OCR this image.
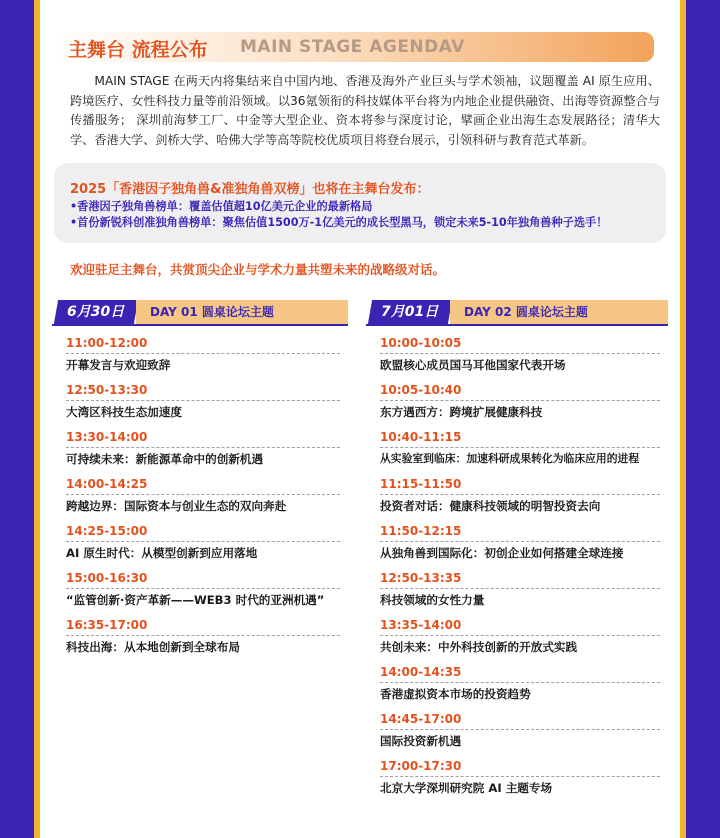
主舞台 流程公布 MAIN STAGE AGENDAV

MAIN STAGE 在两天内将集结来自中国内地、香港及海外产业巨头与学术领袖，议题覆盖 AI 原生应用、跨境医疗、女性科技力量等前沿领域。以36氪领衔的科技媒体平台将为内地企业提供融资、出海等资源整合与传播服务； 深圳前海梦工厂、中金等大型企业、资本将参与深度讨论，擘画企业出海生态发展路径；清华大学、香港大学、剑桥大学、哈佛大学等高等院校优质项目将登台展示，引领科研与教育范式革新。

2025「香港因子独角兽&准独角兽双榜」也将在主舞台发布：
•香港因子独角兽榜单：覆盖估值超10亿美元企业的最新格局
•首份新锐科创准独角兽榜单：聚焦估值1500万-1亿美元的成长型黑马，锁定未来5-10年独角兽种子选手！
欢迎驻足主舞台，共赏顶尖企业与学术力量共塑未来的战略级对话。
6月30日	DAY 01 圆桌论坛主题
11:00-12:00
开幕发言与欢迎致辞
12:50-13:30
大湾区科技生态加速度
13:30-14:00
可持续未来：新能源革命中的创新机遇
14:00-14:25
跨越边界：国际资本与创业生态的双向奔赴
14:25-15:00
AI 原生时代：从模型创新到应用落地
15:00-16:30
“监管创新·资产革新——WEB3 时代的亚洲机遇”
16:35-17:00
科技出海：从本地创新到全球布局
7月01日	DAY 02 圆桌论坛主题
10:00-10:05
欧盟核心成员国马耳他国家代表开场
10:05-10:40
东方遇西方：跨境扩展健康科技
10:40-11:15
从实验室到临床：加速科研成果转化为临床应用的进程
11:15-11:50
投资者对话：健康科技领域的明智投资去向
11:50-12:15
从独角兽到国际化：初创企业如何搭建全球连接
12:50-13:35
科技领域的女性力量
13:35-14:00
共创未来：中外科技创新的开放式实践
14:00-14:35
香港虚拟资本市场的投资趋势
14:45-17:00
国际投资新机遇
17:00-17:30
北京大学深圳研究院 AI 主题专场
